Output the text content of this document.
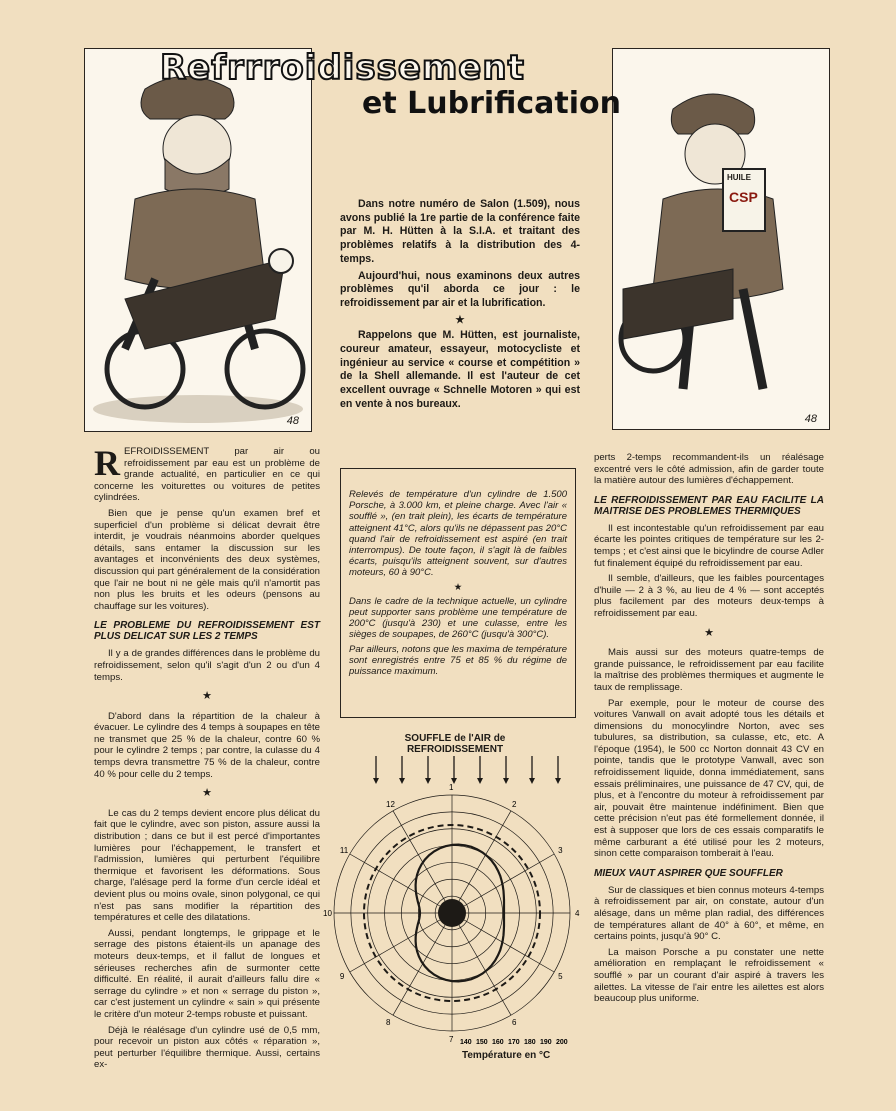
48
HUILE
CSP
48
Refrrroidissement
et Lubrification

Dans notre numéro de Salon (1.509), nous avons publié la 1re partie de la conférence faite par M. H. Hütten à la S.I.A. et traitant des problèmes relatifs à la distribution des 4-temps.

Aujourd'hui, nous examinons deux autres problèmes qu'il aborda ce jour : le refroidissement par air et la lubrification.

★

Rappelons que M. Hütten, est journaliste, coureur amateur, essayeur, motocycliste et ingénieur au service « course et compétition » de la Shell allemande. Il est l'auteur de cet excellent ouvrage « Schnelle Motoren » qui est en vente à nos bureaux.

REFROIDISSEMENT par air ou refroidissement par eau est un problème de grande actualité, en particulier en ce qui concerne les voiturettes ou voitures de petites cylindrées.

Bien que je pense qu'un examen bref et superficiel d'un problème si délicat devrait être interdit, je voudrais néanmoins aborder quelques détails, sans entamer la discussion sur les avantages et inconvénients des deux systèmes, discussion qui part généralement de la considération que l'air ne bout ni ne gèle mais qu'il n'amortit pas non plus les bruits et les odeurs (pensons au chauffage sur les voitures).

LE PROBLEME DU REFROIDISSEMENT EST PLUS DELICAT SUR LES 2 TEMPS

Il y a de grandes différences dans le problème du refroidissement, selon qu'il s'agit d'un 2 ou d'un 4 temps.

★

D'abord dans la répartition de la chaleur à évacuer. Le cylindre des 4 temps à soupapes en tête ne transmet que 25 % de la chaleur, contre 60 % pour le cylindre 2 temps ; par contre, la culasse du 4 temps devra transmettre 75 % de la chaleur, contre 40 % pour celle du 2 temps.

★

Le cas du 2 temps devient encore plus délicat du fait que le cylindre, avec son piston, assure aussi la distribution ; dans ce but il est percé d'importantes lumières pour l'échappement, le transfert et l'admission, lumières qui perturbent l'équilibre thermique et favorisent les déformations. Sous charge, l'alésage perd la forme d'un cercle idéal et devient plus ou moins ovale, sinon polygonal, ce qui n'est pas sans modifier la répartition des températures et celle des dilatations.

Aussi, pendant longtemps, le grippage et le serrage des pistons étaient-ils un apanage des moteurs deux-temps, et il fallut de longues et sérieuses recherches afin de surmonter cette difficulté. En réalité, il aurait d'ailleurs fallu dire « serrage du cylindre » et non « serrage du piston », car c'est justement un cylindre « sain » qui présente le critère d'un moteur 2-temps robuste et puissant.

Déjà le réalésage d'un cylindre usé de 0,5 mm, pour recevoir un piston aux côtés « réparation », peut perturber l'équilibre thermique. Aussi, certains ex-

Relevés de température d'un cylindre de 1.500 Porsche, à 3.000 km, et pleine charge. Avec l'air « soufflé », (en trait plein), les écarts de température atteignent 41°C, alors qu'ils ne dépassent pas 20°C quand l'air de refroidissement est aspiré (en trait interrompus). De toute façon, il s'agit là de faibles écarts, puisqu'ils atteignent souvent, sur d'autres moteurs, 60 à 90°C.

★

Dans le cadre de la technique actuelle, un cylindre peut supporter sans problème une température de 200°C (jusqu'à 230) et une culasse, entre les sièges de soupapes, de 260°C (jusqu'à 300°C).

Par ailleurs, notons que les maxima de température sont enregistrés entre 75 et 85 % du régime de puissance maximum.

SOUFFLE de l'AIR de
REFROIDISSEMENT
1
2
3
4
5
6
7
8
9
10
11
12
140 150 160 170 180 190 200
Température en °C

perts 2-temps recommandent-ils un réalésage excentré vers le côté admission, afin de garder toute la matière autour des lumières d'échappement.

LE REFROIDISSEMENT PAR EAU FACILITE LA MAITRISE DES PROBLEMES THERMIQUES

Il est incontestable qu'un refroidissement par eau écarte les pointes critiques de température sur les 2-temps ; et c'est ainsi que le bicylindre de course Adler fut finalement équipé du refroidissement par eau.

Il semble, d'ailleurs, que les faibles pourcentages d'huile — 2 à 3 %, au lieu de 4 % — sont acceptés plus facilement par des moteurs deux-temps à refroidissement par eau.

★

Mais aussi sur des moteurs quatre-temps de grande puissance, le refroidissement par eau facilite la maîtrise des problèmes thermiques et augmente le taux de remplissage.

Par exemple, pour le moteur de course des voitures Vanwall on avait adopté tous les détails et dimensions du monocylindre Norton, avec ses tubulures, sa distribution, sa culasse, etc, etc. A l'époque (1954), le 500 cc Norton donnait 43 CV en pointe, tandis que le prototype Vanwall, avec son refroidissement liquide, donna immédiatement, sans essais préliminaires, une puissance de 47 CV, qui, de plus, et à l'encontre du moteur à refroidissement par air, pouvait être maintenue indéfiniment. Bien que cette précision n'eut pas été formellement donnée, il est à supposer que lors de ces essais comparatifs le même carburant a été utilisé pour les 2 moteurs, sinon cette comparaison tomberait à l'eau.

MIEUX VAUT ASPIRER QUE SOUFFLER

Sur de classiques et bien connus moteurs 4-temps à refroidissement par air, on constate, autour d'un alésage, dans un même plan radial, des différences de températures allant de 40° à 60°, et même, en certains points, jusqu'à 90° C.

La maison Porsche a pu constater une nette amélioration en remplaçant le refroidissement « soufflé » par un courant d'air aspiré à travers les ailettes. La vitesse de l'air entre les ailettes est alors beaucoup plus uniforme.
